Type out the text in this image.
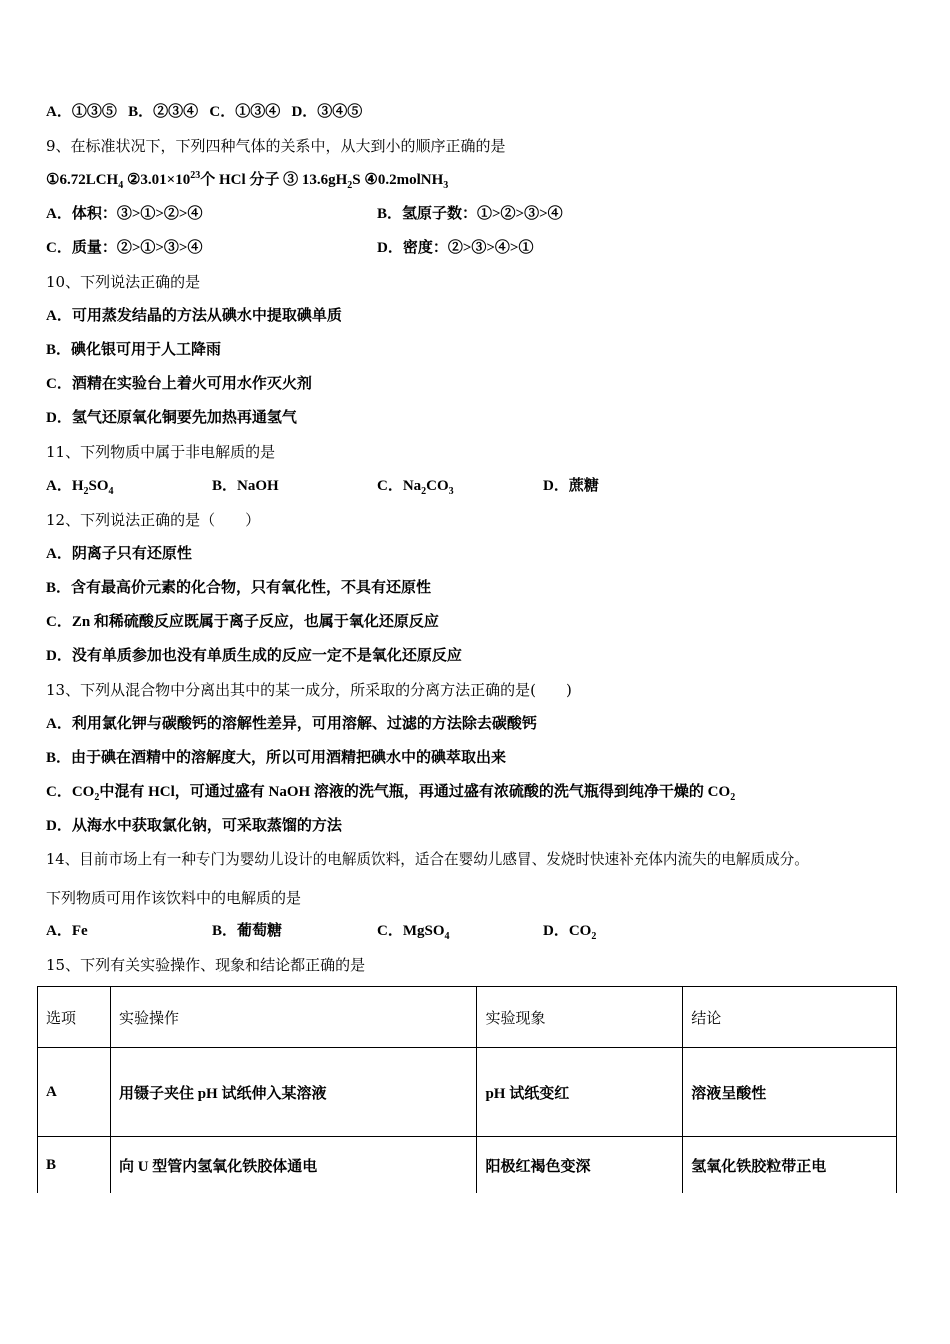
A．①③⑤ B．②③④ C．①③④ D．③④⑤
9、在标准状况下，下列四种气体的关系中，从大到小的顺序正确的是
$①6.72LCH_4$ $②3.01\times 10^{23}$个 HCl 分子 ③ $13.6gH_2S$ ④0.2molNH$_3$
A．体积：③>①>②>④	B．氢原子数：①>②>③>④
C．质量：②>①>③>④	D．密度：②>③>④>①
10、下列说法正确的是
A．可用蒸发结晶的方法从碘水中提取碘单质
B．碘化银可用于人工降雨
C．酒精在实验台上着火可用水作灭火剂
D．氢气还原氧化铜要先加热再通氢气
11、下列物质中属于非电解质的是
A．$H_2SO_4$	B．NaOH	C．$Na_2CO_3$	D．蔗糖
12、下列说法正确的是（　　）
A．阴离子只有还原性
B．含有最高价元素的化合物，只有氧化性，不具有还原性
C．Zn 和稀硫酸反应既属于离子反应，也属于氧化还原反应
D．没有单质参加也没有单质生成的反应一定不是氧化还原反应
13、下列从混合物中分离出其中的某一成分，所采取的分离方法正确的是(　　)
A．利用氯化钾与碳酸钙的溶解性差异，可用溶解、过滤的方法除去碳酸钙
B．由于碘在酒精中的溶解度大，所以可用酒精把碘水中的碘萃取出来
C．$CO_2$中混有 HCl，可通过盛有 NaOH 溶液的洗气瓶，再通过盛有浓硫酸的洗气瓶得到纯净干燥的 $CO_2$
D．从海水中获取氯化钠，可采取蒸馏的方法
14、目前市场上有一种专门为婴幼儿设计的电解质饮料，适合在婴幼儿感冒、发烧时快速补充体内流失的电解质成分。
下列物质可用作该饮料中的电解质的是
A．Fe	B．葡萄糖	C．MgSO$_4$	D．$CO_2$
15、下列有关实验操作、现象和结论都正确的是
选项	实验操作	实验现象	结论
A	用镊子夹住 pH 试纸伸入某溶液	pH 试纸变红	溶液呈酸性
B	向 U 型管内氢氧化铁胶体通电	阳极红褐色变深	氢氧化铁胶粒带正电
